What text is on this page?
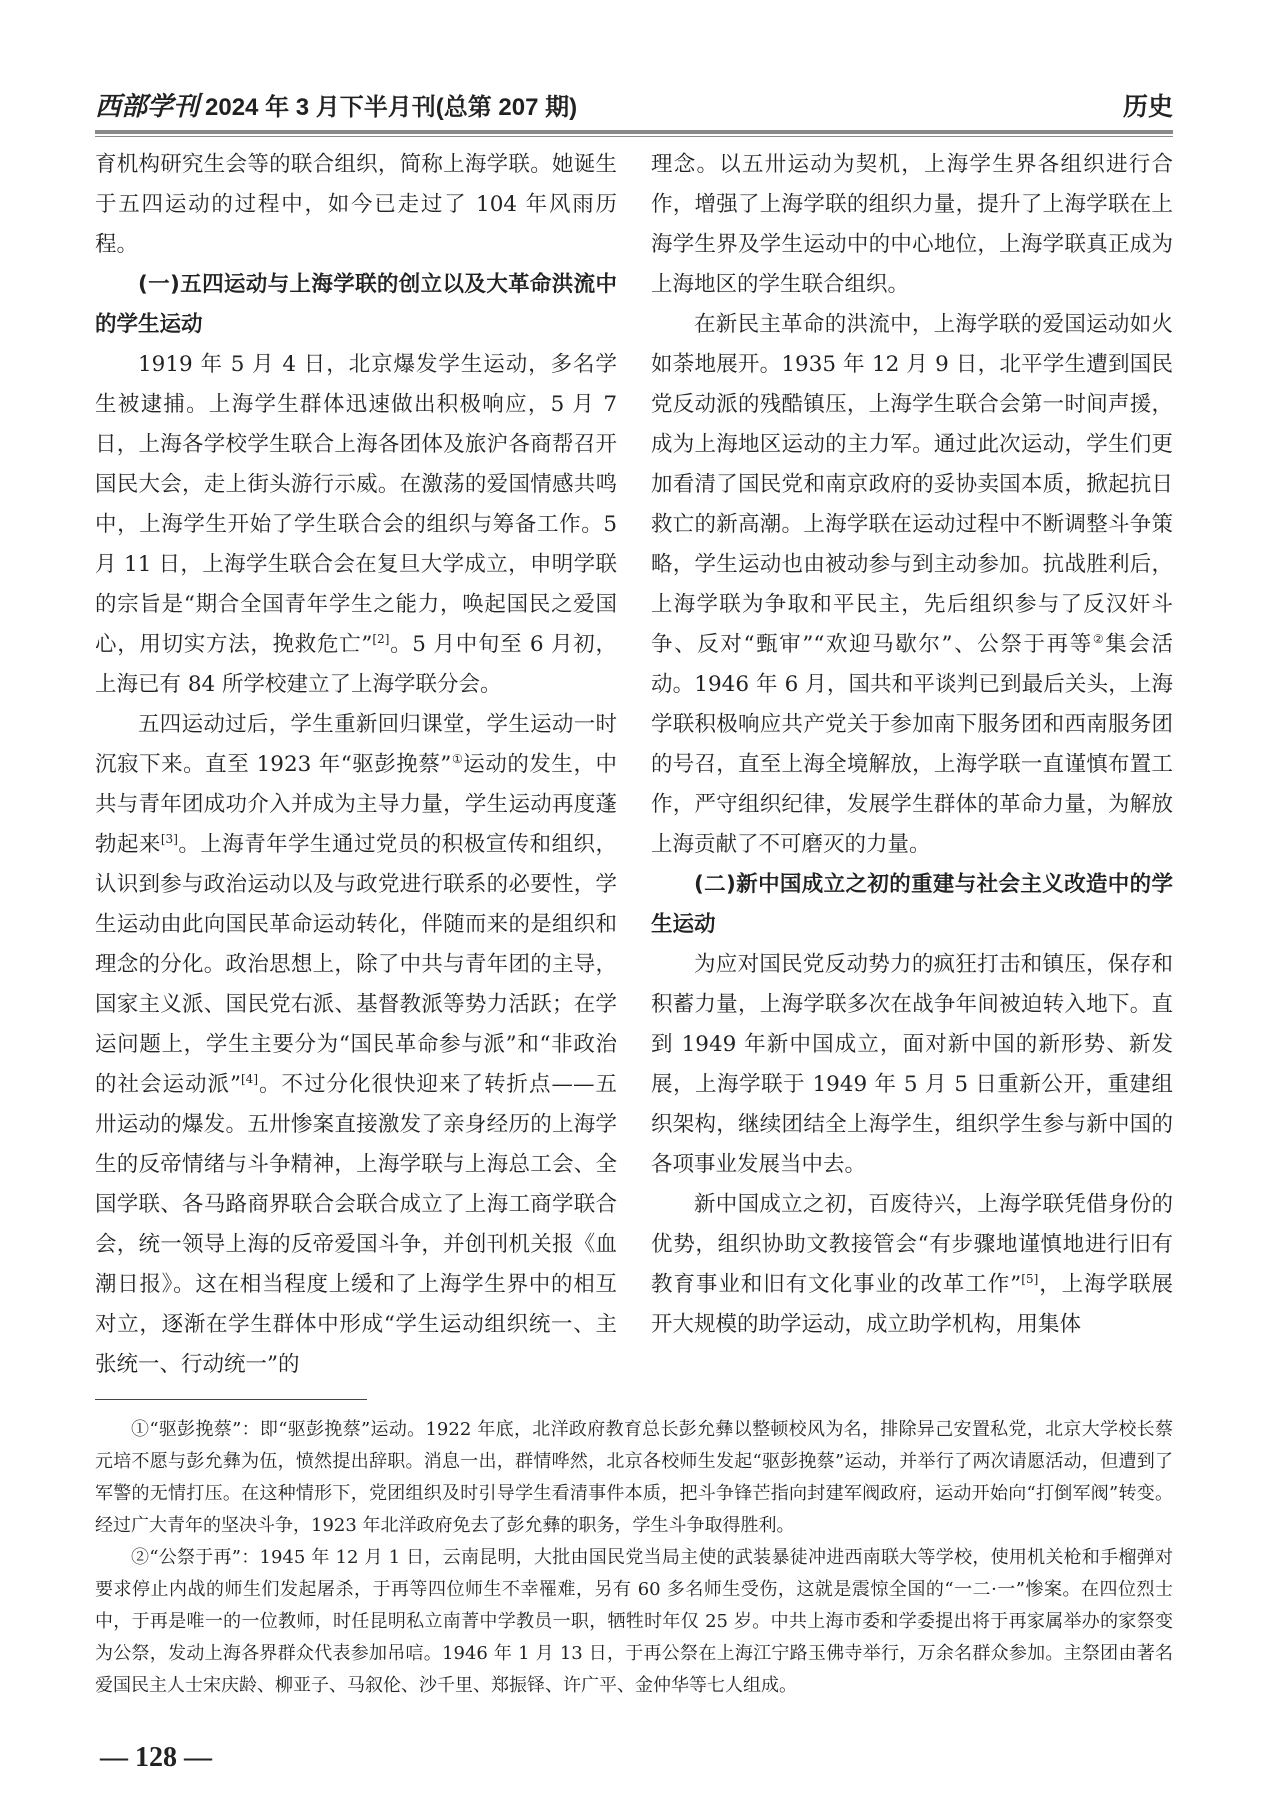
西部学刊 2024 年 3 月下半月刊(总第 207 期)	历史

育机构研究生会等的联合组织，简称上海学联。她诞生于五四运动的过程中，如今已走过了 104 年风雨历程。

(一)五四运动与上海学联的创立以及大革命洪流中的学生运动

1919 年 5 月 4 日，北京爆发学生运动，多名学生被逮捕。上海学生群体迅速做出积极响应，5 月 7 日，上海各学校学生联合上海各团体及旅沪各商帮召开国民大会，走上街头游行示威。在激荡的爱国情感共鸣中，上海学生开始了学生联合会的组织与筹备工作。5 月 11 日，上海学生联合会在复旦大学成立，申明学联的宗旨是“期合全国青年学生之能力，唤起国民之爱国心，用切实方法，挽救危亡”[2]。5 月中旬至 6 月初，上海已有 84 所学校建立了上海学联分会。

五四运动过后，学生重新回归课堂，学生运动一时沉寂下来。直至 1923 年“驱彭挽蔡”①运动的发生，中共与青年团成功介入并成为主导力量，学生运动再度蓬勃起来[3]。上海青年学生通过党员的积极宣传和组织，认识到参与政治运动以及与政党进行联系的必要性，学生运动由此向国民革命运动转化，伴随而来的是组织和理念的分化。政治思想上，除了中共与青年团的主导，国家主义派、国民党右派、基督教派等势力活跃；在学运问题上，学生主要分为“国民革命参与派”和“非政治的社会运动派”[4]。不过分化很快迎来了转折点——五卅运动的爆发。五卅惨案直接激发了亲身经历的上海学生的反帝情绪与斗争精神，上海学联与上海总工会、全国学联、各马路商界联合会联合成立了上海工商学联合会，统一领导上海的反帝爱国斗争，并创刊机关报《血潮日报》。这在相当程度上缓和了上海学生界中的相互对立，逐渐在学生群体中形成“学生运动组织统一、主张统一、行动统一”的

理念。以五卅运动为契机，上海学生界各组织进行合作，增强了上海学联的组织力量，提升了上海学联在上海学生界及学生运动中的中心地位，上海学联真正成为上海地区的学生联合组织。

在新民主革命的洪流中，上海学联的爱国运动如火如荼地展开。1935 年 12 月 9 日，北平学生遭到国民党反动派的残酷镇压，上海学生联合会第一时间声援，成为上海地区运动的主力军。通过此次运动，学生们更加看清了国民党和南京政府的妥协卖国本质，掀起抗日救亡的新高潮。上海学联在运动过程中不断调整斗争策略，学生运动也由被动参与到主动参加。抗战胜利后，上海学联为争取和平民主，先后组织参与了反汉奸斗争、反对“甄审”“欢迎马歇尔”、公祭于再等②集会活动。1946 年 6 月，国共和平谈判已到最后关头，上海学联积极响应共产党关于参加南下服务团和西南服务团的号召，直至上海全境解放，上海学联一直谨慎布置工作，严守组织纪律，发展学生群体的革命力量，为解放上海贡献了不可磨灭的力量。

(二)新中国成立之初的重建与社会主义改造中的学生运动

为应对国民党反动势力的疯狂打击和镇压，保存和积蓄力量，上海学联多次在战争年间被迫转入地下。直到 1949 年新中国成立，面对新中国的新形势、新发展，上海学联于 1949 年 5 月 5 日重新公开，重建组织架构，继续团结全上海学生，组织学生参与新中国的各项事业发展当中去。

新中国成立之初，百废待兴，上海学联凭借身份的优势，组织协助文教接管会“有步骤地谨慎地进行旧有教育事业和旧有文化事业的改革工作”[5]，上海学联展开大规模的助学运动，成立助学机构，用集体

①“驱彭挽蔡”：即“驱彭挽蔡”运动。1922 年底，北洋政府教育总长彭允彝以整顿校风为名，排除异己安置私党，北京大学校长蔡元培不愿与彭允彝为伍，愤然提出辞职。消息一出，群情哗然，北京各校师生发起“驱彭挽蔡”运动，并举行了两次请愿活动，但遭到了军警的无情打压。在这种情形下，党团组织及时引导学生看清事件本质，把斗争锋芒指向封建军阀政府，运动开始向“打倒军阀”转变。经过广大青年的坚决斗争，1923 年北洋政府免去了彭允彝的职务，学生斗争取得胜利。

②“公祭于再”：1945 年 12 月 1 日，云南昆明，大批由国民党当局主使的武装暴徒冲进西南联大等学校，使用机关枪和手榴弹对要求停止内战的师生们发起屠杀，于再等四位师生不幸罹难，另有 60 多名师生受伤，这就是震惊全国的“一二·一”惨案。在四位烈士中，于再是唯一的一位教师，时任昆明私立南菁中学教员一职，牺牲时年仅 25 岁。中共上海市委和学委提出将于再家属举办的家祭变为公祭，发动上海各界群众代表参加吊唁。1946 年 1 月 13 日，于再公祭在上海江宁路玉佛寺举行，万余名群众参加。主祭团由著名爱国民主人士宋庆龄、柳亚子、马叙伦、沙千里、郑振铎、许广平、金仲华等七人组成。

— 128 —
